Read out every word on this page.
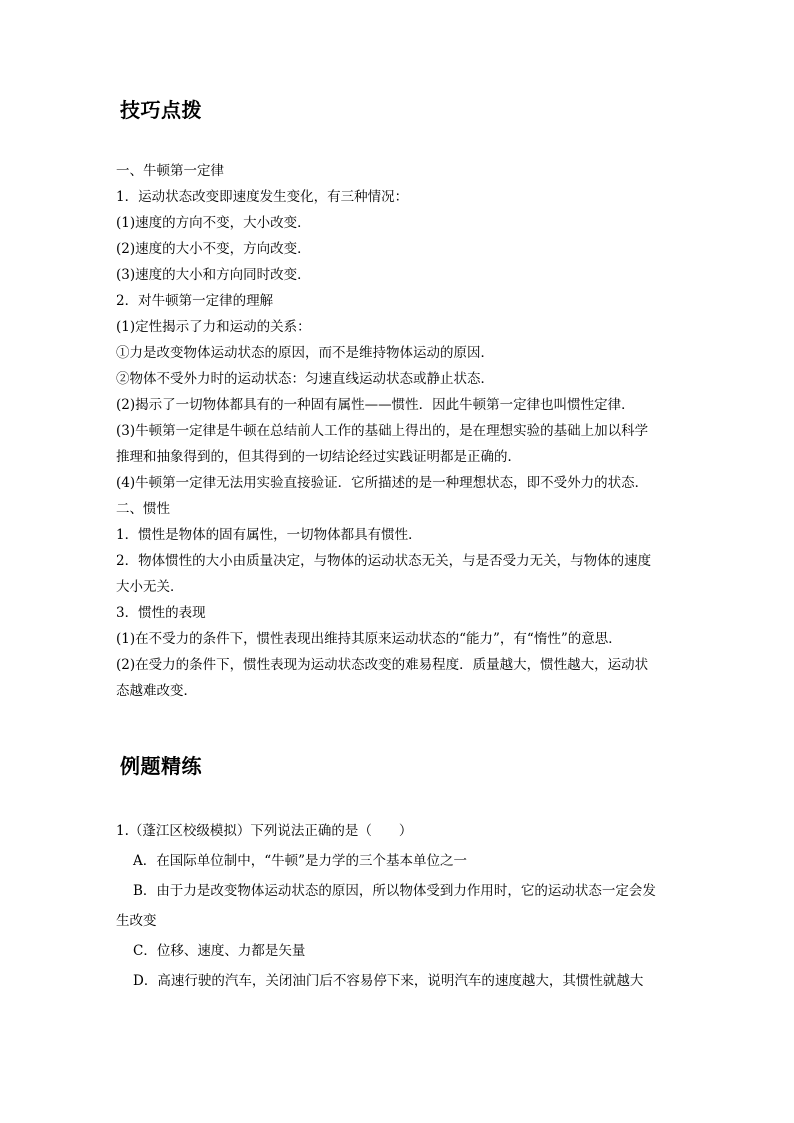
技巧点拨

一、牛顿第一定律

1．运动状态改变即速度发生变化，有三种情况：

(1)速度的方向不变，大小改变．

(2)速度的大小不变，方向改变．

(3)速度的大小和方向同时改变．

2．对牛顿第一定律的理解

(1)定性揭示了力和运动的关系：

①力是改变物体运动状态的原因，而不是维持物体运动的原因．

②物体不受外力时的运动状态：匀速直线运动状态或静止状态．

(2)揭示了一切物体都具有的一种固有属性——惯性．因此牛顿第一定律也叫惯性定律．

(3)牛顿第一定律是牛顿在总结前人工作的基础上得出的，是在理想实验的基础上加以科学

推理和抽象得到的，但其得到的一切结论经过实践证明都是正确的．

(4)牛顿第一定律无法用实验直接验证．它所描述的是一种理想状态，即不受外力的状态．

二、惯性

1．惯性是物体的固有属性，一切物体都具有惯性．

2．物体惯性的大小由质量决定，与物体的运动状态无关，与是否受力无关，与物体的速度

大小无关．

3．惯性的表现

(1)在不受力的条件下，惯性表现出维持其原来运动状态的“能力”，有“惰性”的意思．

(2)在受力的条件下，惯性表现为运动状态改变的难易程度．质量越大，惯性越大，运动状

态越难改变．

例题精练

1.（蓬江区校级模拟）下列说法正确的是（　　）

A．在国际单位制中，“牛顿”是力学的三个基本单位之一

B．由于力是改变物体运动状态的原因，所以物体受到力作用时，它的运动状态一定会发

生改变

C．位移、速度、力都是矢量

D．高速行驶的汽车，关闭油门后不容易停下来，说明汽车的速度越大，其惯性就越大
